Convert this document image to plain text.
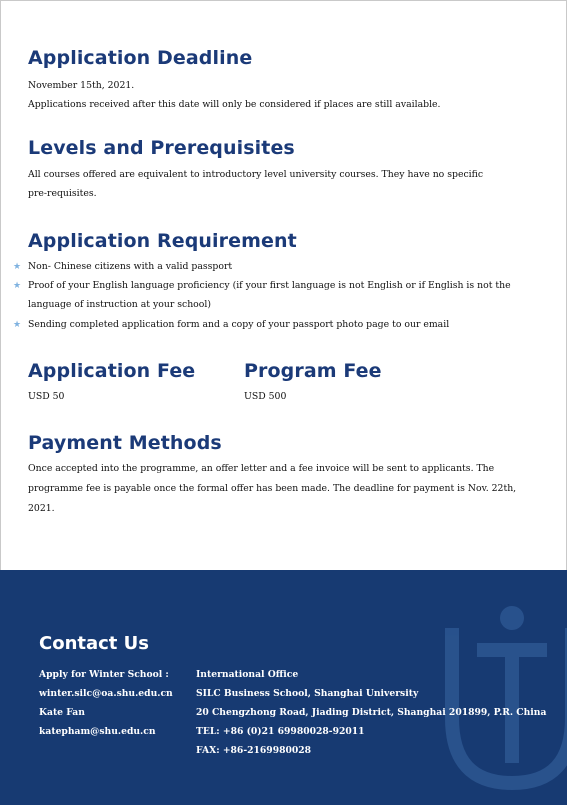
Application Deadline
November 15th, 2021.
Applications received after this date will only be considered if places are still available.
Levels and Prerequisites
All courses offered are equivalent to introductory level university courses. They have no specific
pre-requisites.
Application Requirement
★ Non- Chinese citizens with a valid passport
★ Proof of your English language proficiency (if your first language is not English or if English is not the
language of instruction at your school)
★ Sending completed application form and a copy of your passport photo page to our email
Application Fee
USD 50
Program Fee
USD 500
Payment Methods
Once accepted into the programme, an offer letter and a fee invoice will be sent to applicants. The
programme fee is payable once the formal offer has been made. The deadline for payment is Nov. 22th,
2021.
Contact Us
Apply for Winter School :
winter.silc@oa.shu.edu.cn
Kate Fan
katepham@shu.edu.cn
International Office
SILC Business School, Shanghai University
20 Chengzhong Road, Jiading District, Shanghai 201899, P.R. China
TEL: +86 (0)21 69980028-92011
FAX: +86-2169980028
